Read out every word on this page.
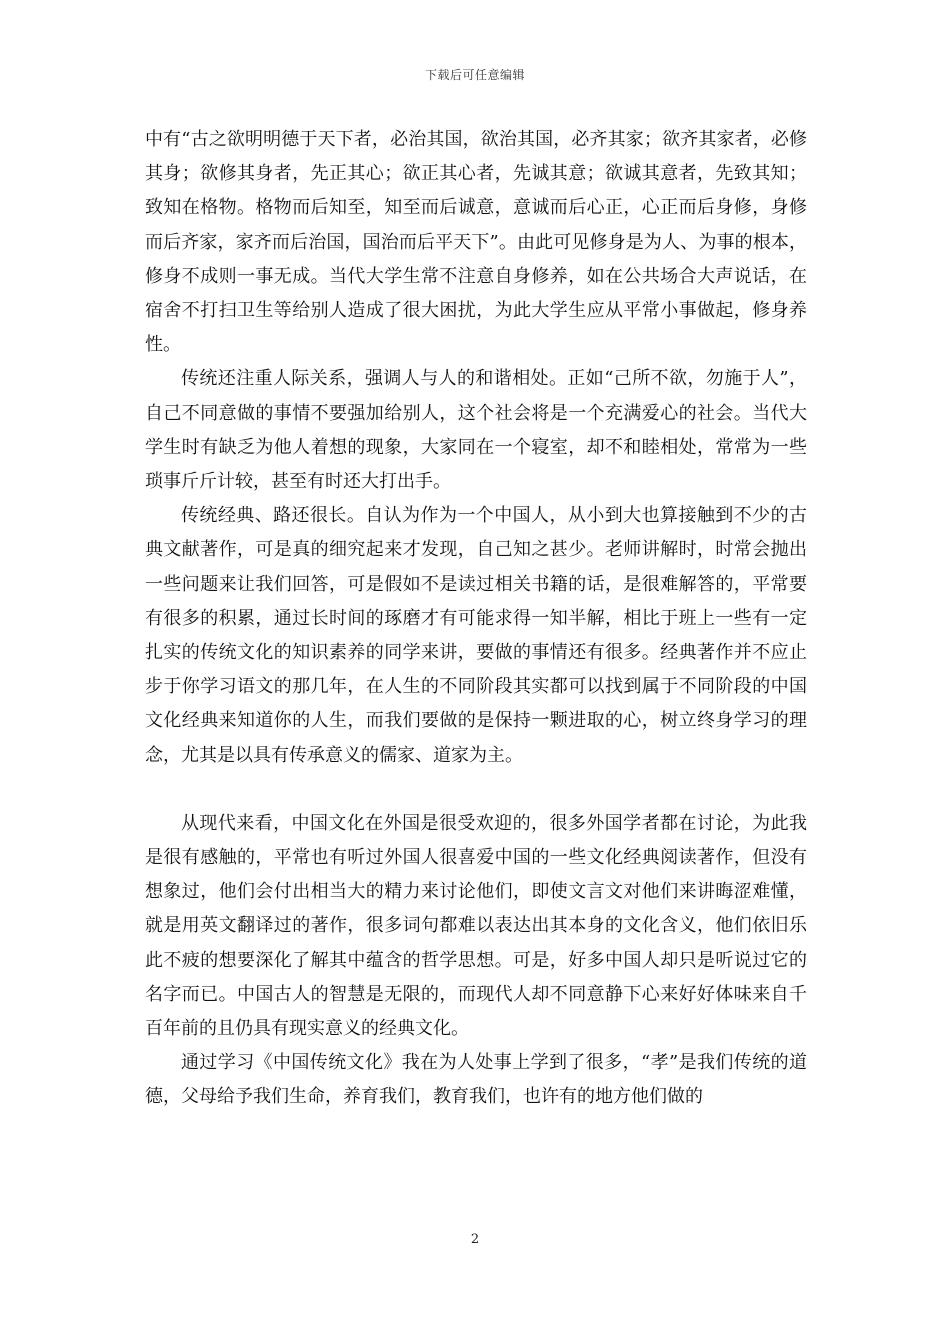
下载后可任意编辑

中有“古之欲明明德于天下者，必治其国，欲治其国，必齐其家；欲齐其家者，必修其身；欲修其身者，先正其心；欲正其心者，先诚其意；欲诚其意者，先致其知；致知在格物。格物而后知至，知至而后诚意，意诚而后心正，心正而后身修，身修而后齐家，家齐而后治国，国治而后平天下”。由此可见修身是为人、为事的根本，修身不成则一事无成。当代大学生常不注意自身修养，如在公共场合大声说话，在宿舍不打扫卫生等给别人造成了很大困扰，为此大学生应从平常小事做起，修身养性。

传统还注重人际关系，强调人与人的和谐相处。正如“己所不欲，勿施于人”，自己不同意做的事情不要强加给别人，这个社会将是一个充满爱心的社会。当代大学生时有缺乏为他人着想的现象，大家同在一个寝室，却不和睦相处，常常为一些琐事斤斤计较，甚至有时还大打出手。

传统经典、路还很长。自认为作为一个中国人，从小到大也算接触到不少的古典文献著作，可是真的细究起来才发现，自己知之甚少。老师讲解时，时常会抛出一些问题来让我们回答，可是假如不是读过相关书籍的话，是很难解答的，平常要有很多的积累，通过长时间的琢磨才有可能求得一知半解，相比于班上一些有一定扎实的传统文化的知识素养的同学来讲，要做的事情还有很多。经典著作并不应止步于你学习语文的那几年，在人生的不同阶段其实都可以找到属于不同阶段的中国文化经典来知道你的人生，而我们要做的是保持一颗进取的心，树立终身学习的理念，尤其是以具有传承意义的儒家、道家为主。

从现代来看，中国文化在外国是很受欢迎的，很多外国学者都在讨论，为此我是很有感触的，平常也有听过外国人很喜爱中国的一些文化经典阅读著作，但没有想象过，他们会付出相当大的精力来讨论他们，即使文言文对他们来讲晦涩难懂，就是用英文翻译过的著作，很多词句都难以表达出其本身的文化含义，他们依旧乐此不疲的想要深化了解其中蕴含的哲学思想。可是，好多中国人却只是听说过它的名字而已。中国古人的智慧是无限的，而现代人却不同意静下心来好好体味来自千百年前的且仍具有现实意义的经典文化。

通过学习《中国传统文化》我在为人处事上学到了很多，“孝”是我们传统的道德，父母给予我们生命，养育我们，教育我们，也许有的地方他们做的

2
